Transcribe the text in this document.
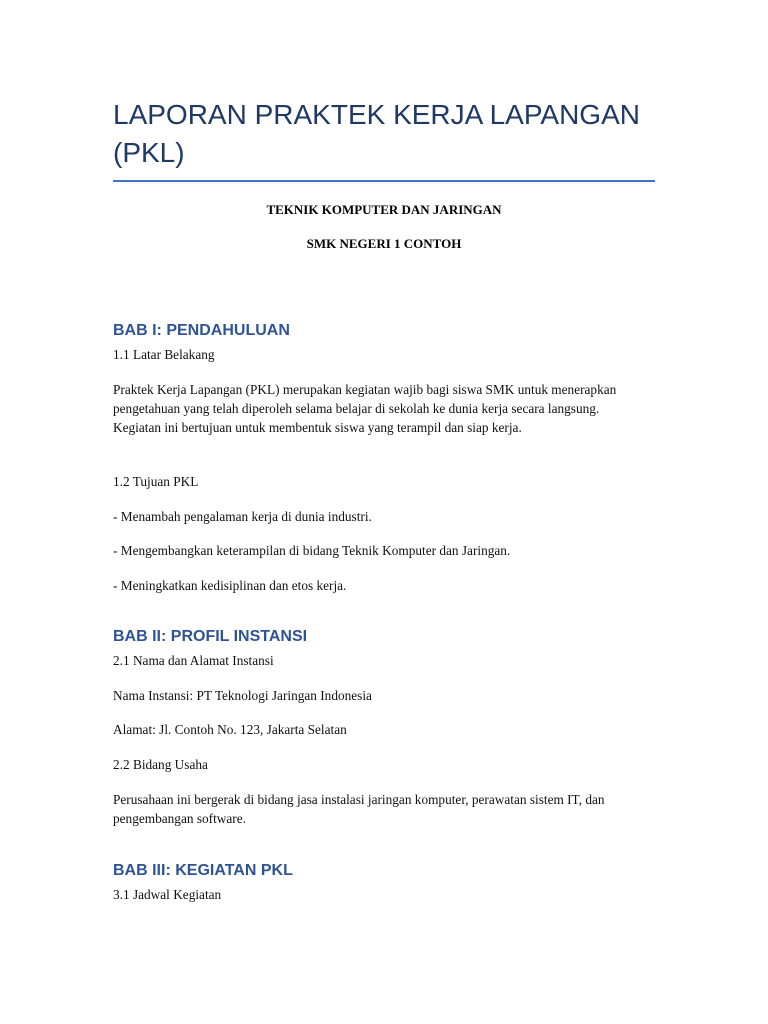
LAPORAN PRAKTEK KERJA LAPANGAN (PKL)

TEKNIK KOMPUTER DAN JARINGAN

SMK NEGERI 1 CONTOH

BAB I: PENDAHULUAN

1.1 Latar Belakang

Praktek Kerja Lapangan (PKL) merupakan kegiatan wajib bagi siswa SMK untuk menerapkan pengetahuan yang telah diperoleh selama belajar di sekolah ke dunia kerja secara langsung. Kegiatan ini bertujuan untuk membentuk siswa yang terampil dan siap kerja.

1.2 Tujuan PKL

- Menambah pengalaman kerja di dunia industri.

- Mengembangkan keterampilan di bidang Teknik Komputer dan Jaringan.

- Meningkatkan kedisiplinan dan etos kerja.

BAB II: PROFIL INSTANSI

2.1 Nama dan Alamat Instansi

Nama Instansi: PT Teknologi Jaringan Indonesia

Alamat: Jl. Contoh No. 123, Jakarta Selatan

2.2 Bidang Usaha

Perusahaan ini bergerak di bidang jasa instalasi jaringan komputer, perawatan sistem IT, dan pengembangan software.

BAB III: KEGIATAN PKL

3.1 Jadwal Kegiatan
